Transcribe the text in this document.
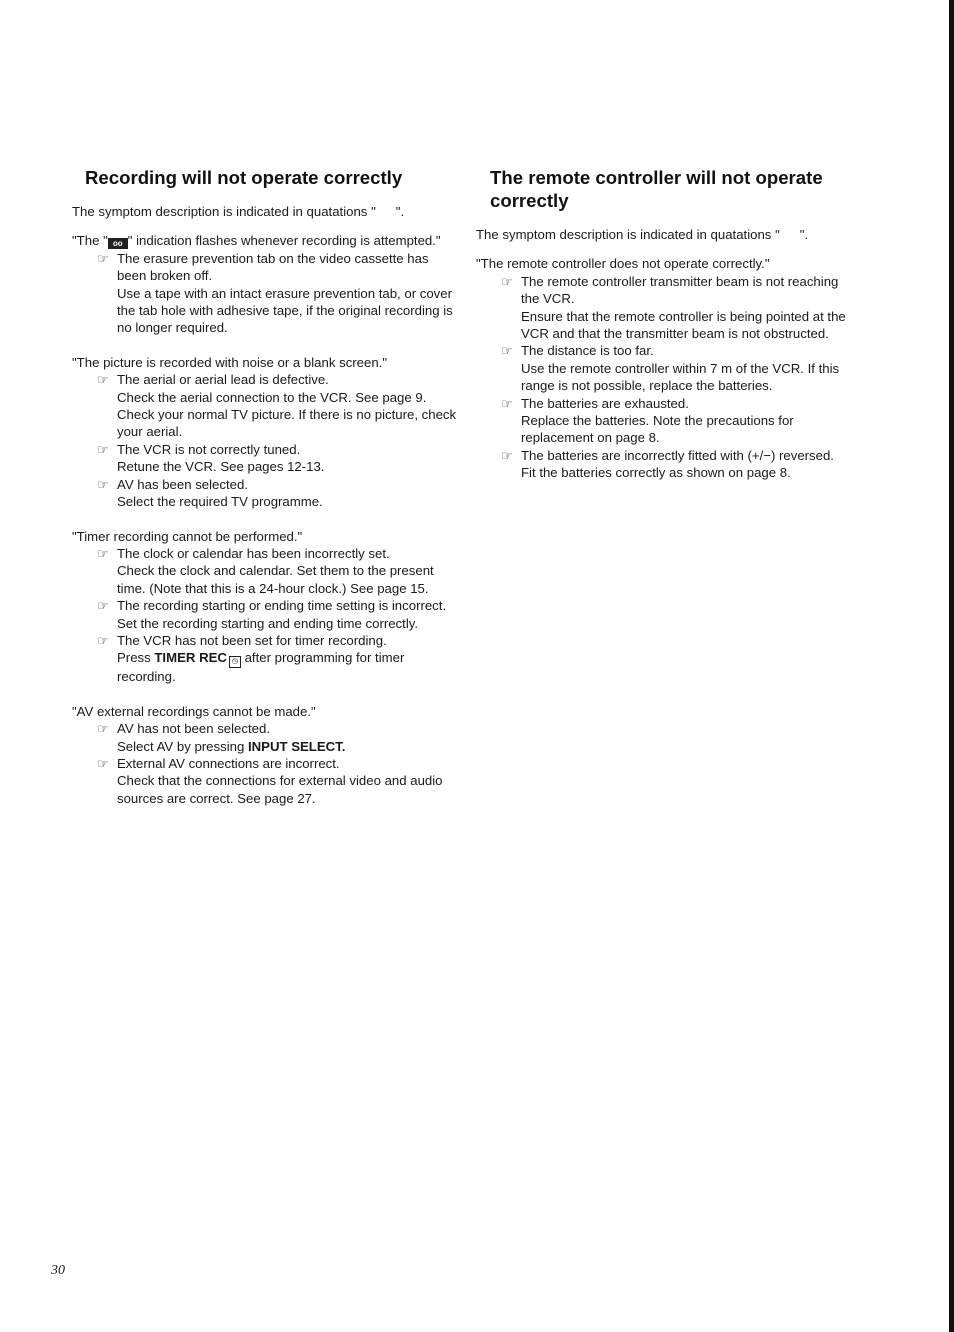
Recording will not operate correctly

The symptom description is indicated in quatations " ".

"The " oo " indication flashes whenever recording is attempted."
☞ The erasure prevention tab on the video cassette has been broken off.
Use a tape with an intact erasure prevention tab, or cover the tab hole with adhesive tape, if the original recording is no longer required.
"The picture is recorded with noise or a blank screen."
☞ The aerial or aerial lead is defective.
Check the aerial connection to the VCR. See page 9. Check your normal TV picture. If there is no picture, check your aerial.
☞ The VCR is not correctly tuned.
Retune the VCR. See pages 12-13.
☞ AV has been selected.
Select the required TV programme.
"Timer recording cannot be performed."
☞ The clock or calendar has been incorrectly set.
Check the clock and calendar. Set them to the present time. (Note that this is a 24-hour clock.) See page 15.
☞ The recording starting or ending time setting is incorrect.
Set the recording starting and ending time correctly.
☞ The VCR has not been set for timer recording.
Press TIMER REC ◷ after programming for timer recording.
"AV external recordings cannot be made."
☞ AV has not been selected.
Select AV by pressing INPUT SELECT.
☞ External AV connections are incorrect.
Check that the connections for external video and audio sources are correct. See page 27.
The remote controller will not operate correctly

The symptom description is indicated in quatations " ".

"The remote controller does not operate correctly."
☞ The remote controller transmitter beam is not reaching the VCR.
Ensure that the remote controller is being pointed at the VCR and that the transmitter beam is not obstructed.
☞ The distance is too far.
Use the remote controller within 7 m of the VCR. If this range is not possible, replace the batteries.
☞ The batteries are exhausted.
Replace the batteries. Note the precautions for replacement on page 8.
☞ The batteries are incorrectly fitted with (+/−) reversed.
Fit the batteries correctly as shown on page 8.
30
